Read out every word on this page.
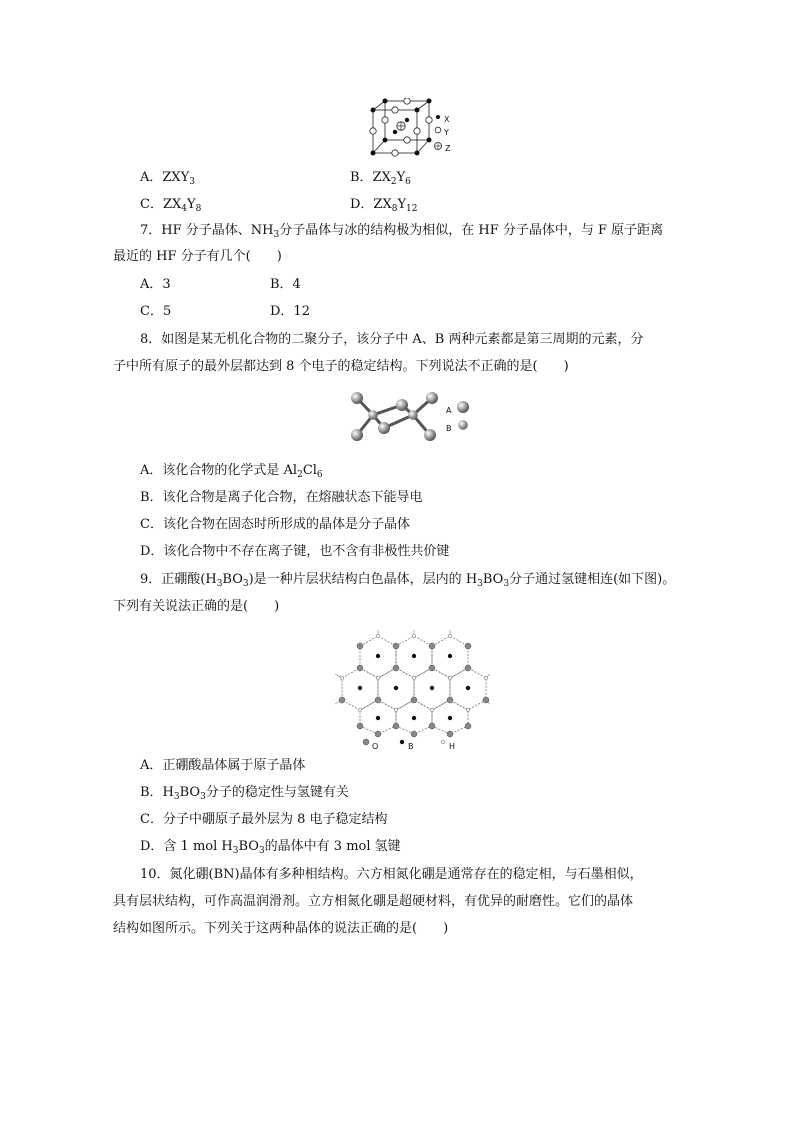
X
Y
Z
A．$ZXY_3$	B．$ZX_2Y_6$
C．$ZX_4Y_8$	D．$ZX_8Y_{12}$
7．HF 分子晶体、$NH_3$分子晶体与冰的结构极为相似，在 HF 分子晶体中，与 F 原子距离
最近的 HF 分子有几个(　　)
A．3	B．4
C．5	D．12
8．如图是某无机化合物的二聚分子，该分子中 A、B 两种元素都是第三周期的元素，分
子中所有原子的最外层都达到 8 个电子的稳定结构。下列说法不正确的是(　　)
A
B
A．该化合物的化学式是 $Al_2Cl_6$
B．该化合物是离子化合物，在熔融状态下能导电
C．该化合物在固态时所形成的晶体是分子晶体
D．该化合物中不存在离子键，也不含有非极性共价键
9．正硼酸$(H_3BO_3)$是一种片层状结构白色晶体，层内的 $H_3BO_3$分子通过氢键相连(如下图)。
下列有关说法正确的是(　　)
O	B	H
A．正硼酸晶体属于原子晶体
B．$H_3BO_3$分子的稳定性与氢键有关
C．分子中硼原子最外层为 8 电子稳定结构
D．含 1 mol $H_3BO_3$的晶体中有 3 mol 氢键
10．氮化硼(BN)晶体有多种相结构。六方相氮化硼是通常存在的稳定相，与石墨相似，
具有层状结构，可作高温润滑剂。立方相氮化硼是超硬材料，有优异的耐磨性。它们的晶体
结构如图所示。下列关于这两种晶体的说法正确的是(　　)
